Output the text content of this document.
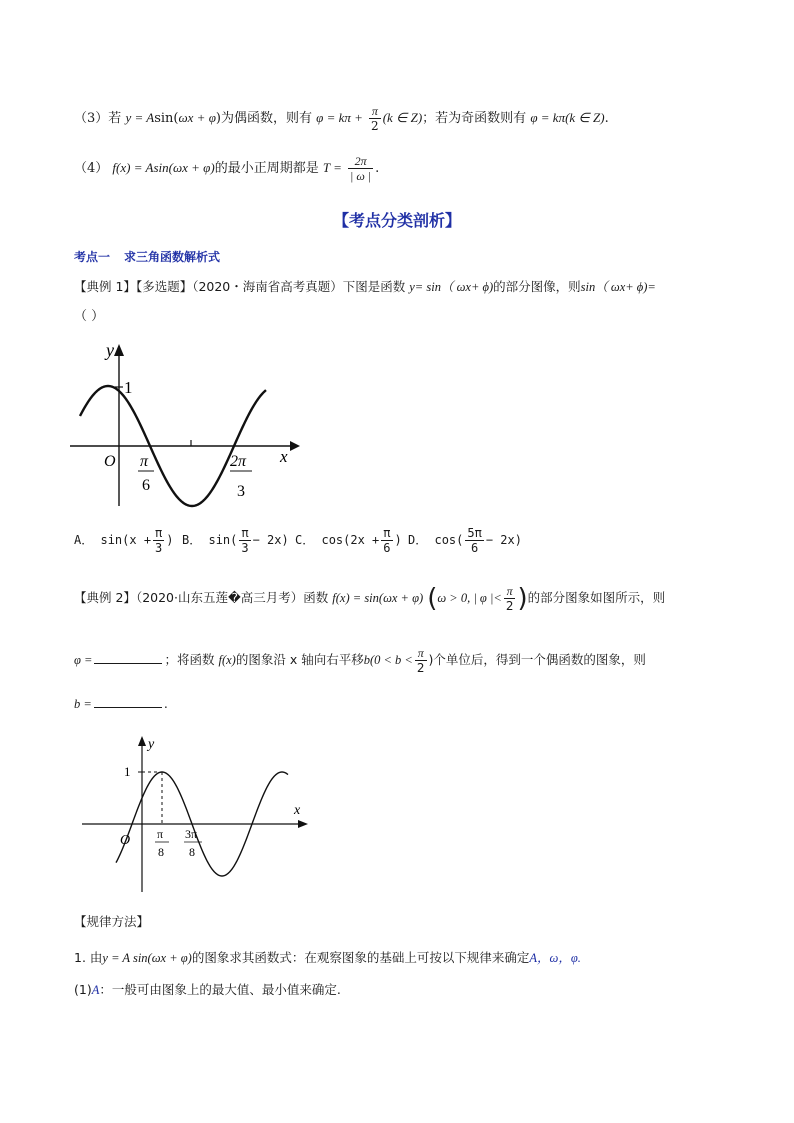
（3）若 y = Asin(ωx + φ)为偶函数，则有 $\varphi = k\pi + \frac{\pi}{2} (k$ ∈ Z)；若为奇函数则有 φ = kπ(k ∈ Z).
（4） f(x) = Asin(ωx + φ)的最小正周期都是 $T = \frac{2\pi}{| \omega |}$ .
【考点分类剖析】
考点一 求三角函数解析式
【典例 1】【多选题】（2020・海南省高考真题）下图是函数 y= sin（ ωx+ ϕ)的部分图像，则sin（ ωx+ ϕ)=
（ ）
y
x
O
1
π
6
2π
3
A． $\sin(x + \frac{\pi}{3}$ ) B． $\sin( \frac{\pi}{3} - 2x)$ C． $\cos(2x + \frac{\pi}{6}$ ) D． $\cos( \frac{5\pi}{6} - 2x)$
【典例 2】（2020·山东五莲�高三月考）函数 f(x) = sin(ωx + φ) (ω > 0, | φ |< $\frac{\pi}{2}$ )的部分图象如图所示，则
φ =	；将函数 f(x)的图象沿 x 轴向右平移$b(0 < b < \frac{\pi}{2}$ )个单位后，得到一个偶函数的图象，则
b =	.
y
x
O
1
π
8
3π
8
【规律方法】
1. 由y = A sin(ωx + φ)的图象求其函数式：在观察图象的基础上可按以下规律来确定A，ω，φ.
(1)A：一般可由图象上的最大值、最小值来确定.
